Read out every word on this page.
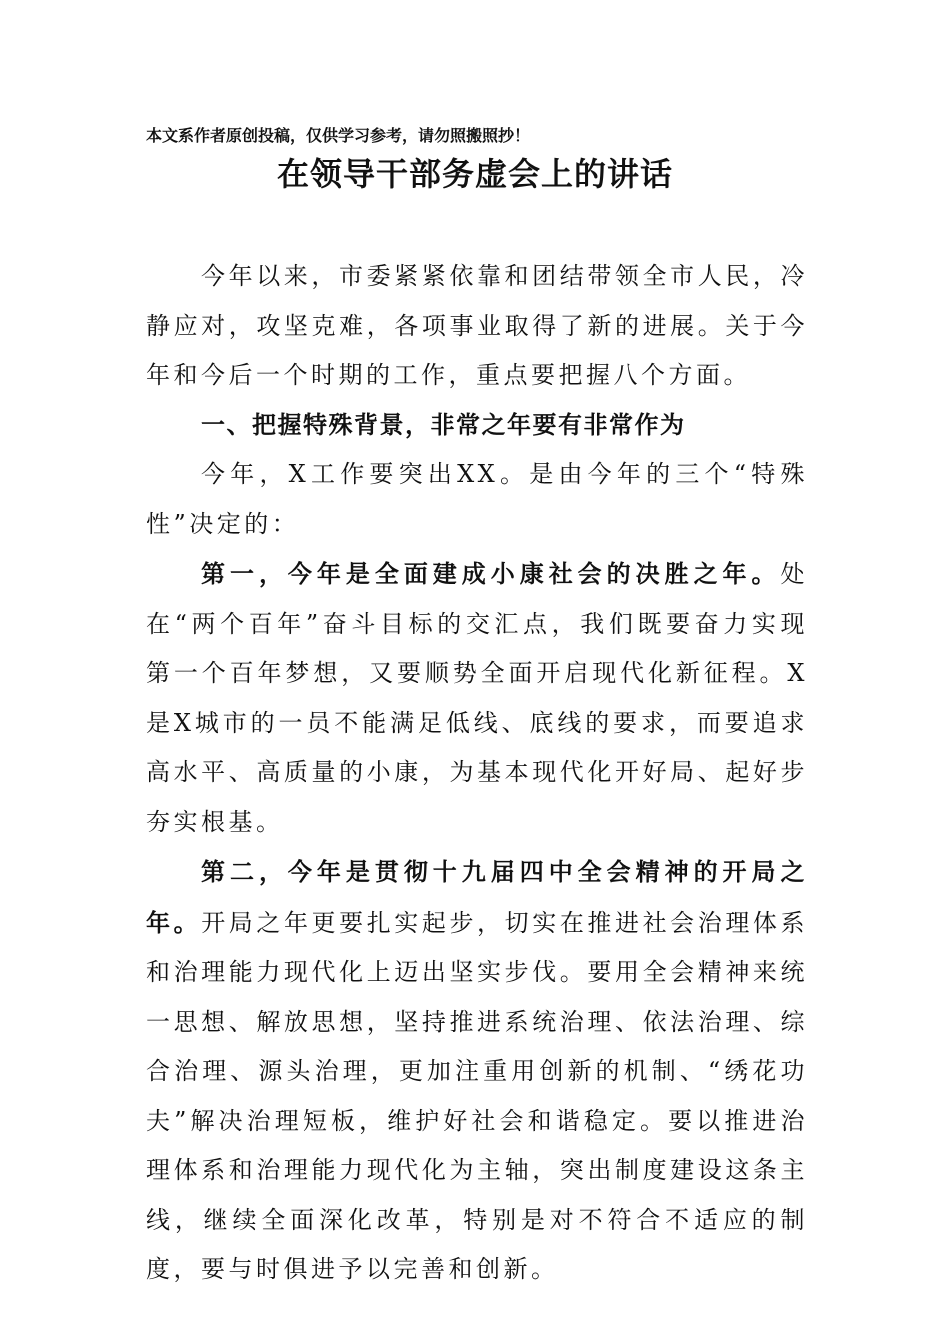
本文系作者原创投稿，仅供学习参考，请勿照搬照抄！
在领导干部务虚会上的讲话

今年以来，市委紧紧依靠和团结带领全市人民，冷静应对，攻坚克难，各项事业取得了新的进展。关于今年和今后一个时期的工作，重点要把握八个方面。

一、把握特殊背景，非常之年要有非常作为

今年，X工作要突出XX。是由今年的三个“特殊性”决定的：

第一，今年是全面建成小康社会的决胜之年。处在“两个百年”奋斗目标的交汇点，我们既要奋力实现第一个百年梦想，又要顺势全面开启现代化新征程。X是X城市的一员不能满足低线、底线的要求，而要追求高水平、高质量的小康，为基本现代化开好局、起好步夯实根基。

第二，今年是贯彻十九届四中全会精神的开局之年。开局之年更要扎实起步，切实在推进社会治理体系和治理能力现代化上迈出坚实步伐。要用全会精神来统一思想、解放思想，坚持推进系统治理、依法治理、综合治理、源头治理，更加注重用创新的机制、“绣花功夫”解决治理短板，维护好社会和谐稳定。要以推进治理体系和治理能力现代化为主轴，突出制度建设这条主线，继续全面深化改革，特别是对不符合不适应的制度，要与时俱进予以完善和创新。
